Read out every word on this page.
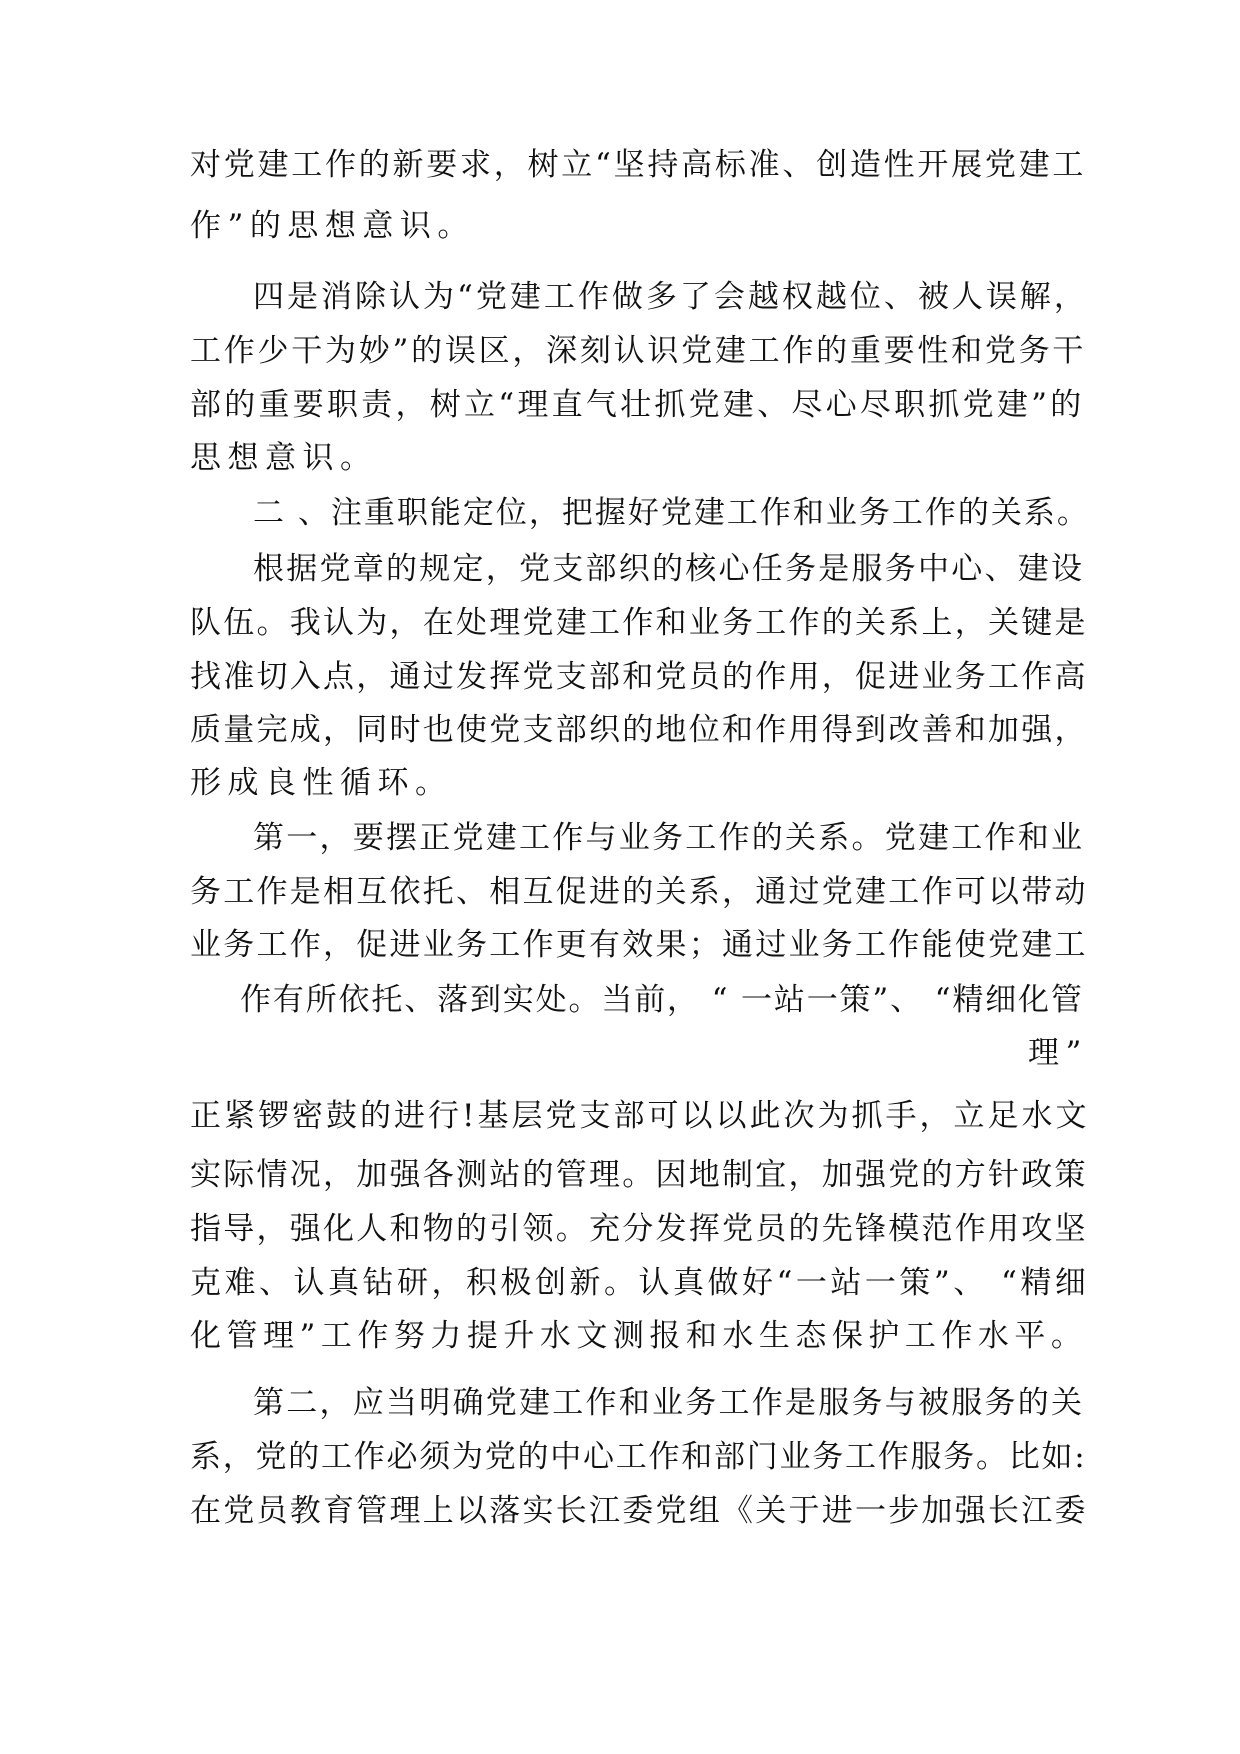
对党建工作的新要求，树立“坚持高标准、创造性开展党建工
作”的思想意识。
四是消除认为“党建工作做多了会越权越位、被人误解，
工作少干为妙”的误区，深刻认识党建工作的重要性和党务干
部的重要职责，树立“理直气壮抓党建、尽心尽职抓党建”的
思想意识。
二 、注重职能定位，把握好党建工作和业务工作的关系。
根据党章的规定，党支部织的核心任务是服务中心、建设
队伍。我认为，在处理党建工作和业务工作的关系上，关键是
找准切入点，通过发挥党支部和党员的作用，促进业务工作高
质量完成，同时也使党支部织的地位和作用得到改善和加强，
形成良性循环。
第一，要摆正党建工作与业务工作的关系。党建工作和业
务工作是相互依托、相互促进的关系，通过党建工作可以带动
业务工作，促进业务工作更有效果；通过业务工作能使党建工
作有所依托、落到实处。当前， “ 一站一策”、 “精细化管
理”
正紧锣密鼓的进行!基层党支部可以以此次为抓手，立足水文
实际情况，加强各测站的管理。因地制宜，加强党的方针政策
指导，强化人和物的引领。充分发挥党员的先锋模范作用攻坚
克难、认真钻研，积极创新。认真做好“一站一策”、 “精细
化管理”工作努力提升水文测报和水生态保护工作水平。
第二，应当明确党建工作和业务工作是服务与被服务的关
系，党的工作必须为党的中心工作和部门业务工作服务。比如:
在党员教育管理上以落实长江委党组《关于进一步加强长江委
